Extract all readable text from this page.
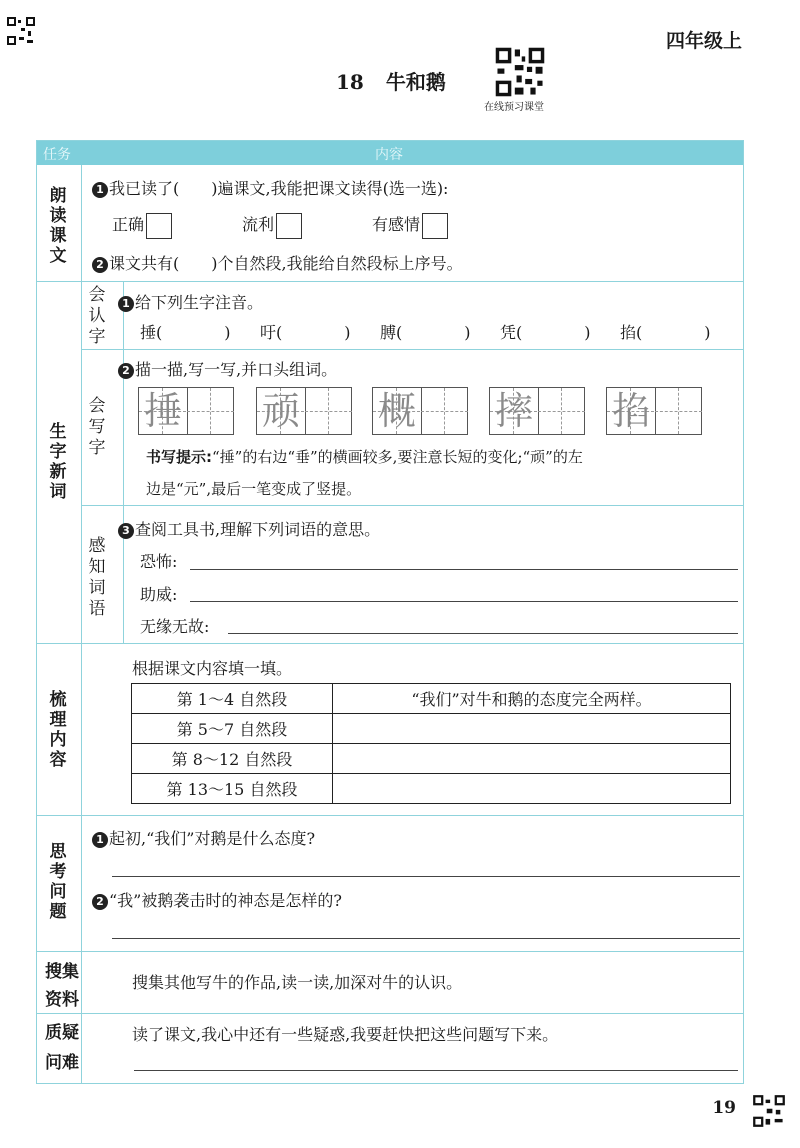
四年级上
18 牛和鹅
在线预习课堂
任务	内容
朗
读
课
文
1 我已读了(　　)遍课文,我能把课文读得(选一选):
正确	流利	有感情
2 课文共有(　　)个自然段,我能给自然段标上序号。
生
字
新
词
会
认
字
1 给下列生字注音。
捶(	) 吁(	) 膊(	) 凭(	) 掐(	)
会
写
字
2 描一描,写一写,并口头组词。
捶 顽 概 摔 掐
书写提示:“捶”的右边“垂”的横画较多,要注意长短的变化;“顽”的左
边是“元”,最后一笔变成了竖提。
感
知
词
语
3 查阅工具书,理解下列词语的意思。
恐怖:
助威:
无缘无故:
梳
理
内
容
根据课文内容填一填。
第 1～4 自然段	“我们”对牛和鹅的态度完全两样。
第 5～7 自然段	
第 8～12 自然段	
第 13～15 自然段	
思
考
问
题
1 起初,“我们”对鹅是什么态度?
2 “我”被鹅袭击时的神态是怎样的?
搜集
资料
搜集其他写牛的作品,读一读,加深对牛的认识。
质疑
问难
读了课文,我心中还有一些疑惑,我要赶快把这些问题写下来。
19
